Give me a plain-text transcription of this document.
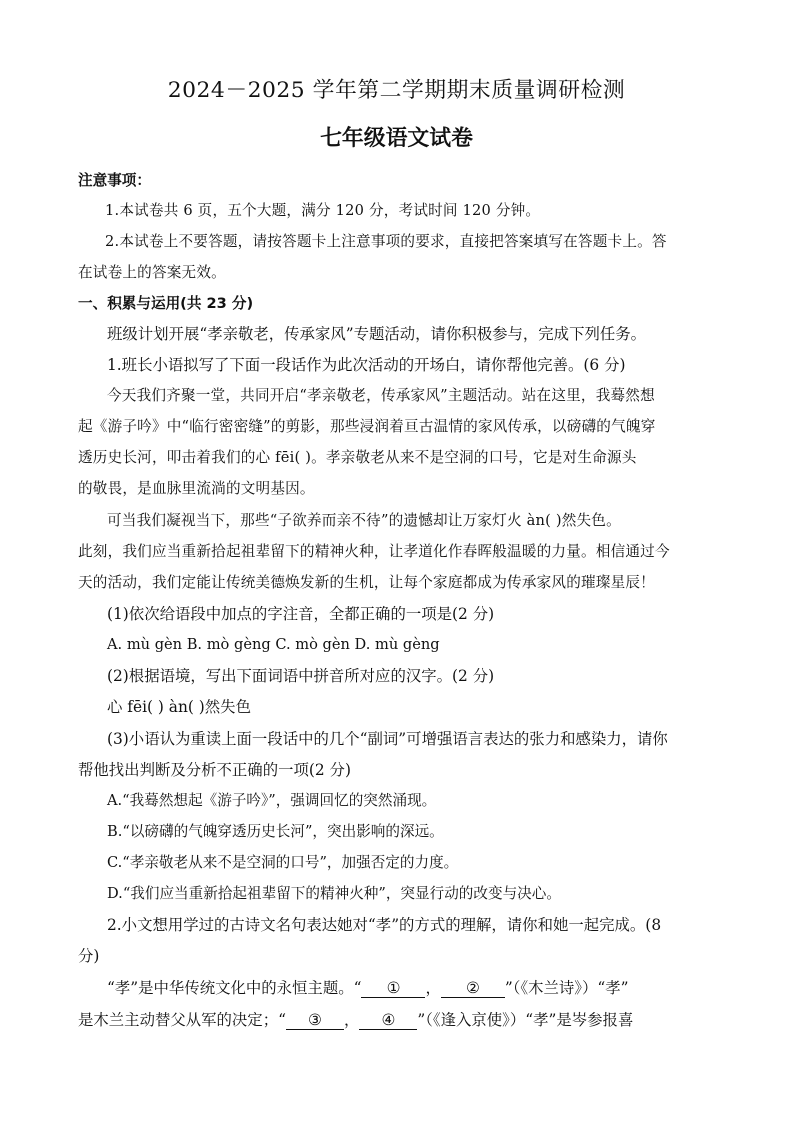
2024－2025 学年第二学期期末质量调研检测
七年级语文试卷
注意事项：
1.本试卷共 6 页，五个大题，满分 120 分，考试时间 120 分钟。
2.本试卷上不要答题，请按答题卡上注意事项的要求，直接把答案填写在答题卡上。答
在试卷上的答案无效。
一、积累与运用(共 23 分)
班级计划开展“孝亲敬老，传承家风”专题活动，请你积极参与，完成下列任务。
1.班长小语拟写了下面一段话作为此次活动的开场白，请你帮他完善。(6 分)
今天我们齐聚一堂，共同开启“孝亲敬老，传承家风”主题活动。站在这里，我蓦然想
起《游子吟》中“临行密密缝”的剪影，那些浸润着亘古温情的家风传承，以磅礴的气魄穿
透历史长河，叩击着我们的心 fēi( )。孝亲敬老从来不是空洞的口号，它是对生命源头
的敬畏，是血脉里流淌的文明基因。
可当我们凝视当下，那些“子欲养而亲不待”的遗憾却让万家灯火 àn( )然失色。
此刻，我们应当重新拾起祖辈留下的精神火种，让孝道化作春晖般温暖的力量。相信通过今
天的活动，我们定能让传统美德焕发新的生机，让每个家庭都成为传承家风的璀璨星辰！
(1)依次给语段中加点的字注音，全都正确的一项是(2 分)
A. mù gèn B. mò gèng C. mò gèn D. mù gèng
(2)根据语境，写出下面词语中拼音所对应的汉字。(2 分)
心 fēi( ) àn( )然失色
(3)小语认为重读上面一段话中的几个“副词”可增强语言表达的张力和感染力，请你
帮他找出判断及分析不正确的一项(2 分)
A.“我蓦然想起《游子吟》”，强调回忆的突然涌现。
B.“以磅礴的气魄穿透历史长河”，突出影响的深远。
C.“孝亲敬老从来不是空洞的口号”，加强否定的力度。
D.“我们应当重新拾起祖辈留下的精神火种”，突显行动的改变与决心。
2.小文想用学过的古诗文名句表达她对“孝”的方式的理解，请你和她一起完成。(8
分)
“孝”是中华传统文化中的永恒主题。“ ① ， ② ”（《木兰诗》）“孝”
是木兰主动替父从军的决定；“ ③ ， ④ ”（《逢入京使》）“孝”是岑参报喜
